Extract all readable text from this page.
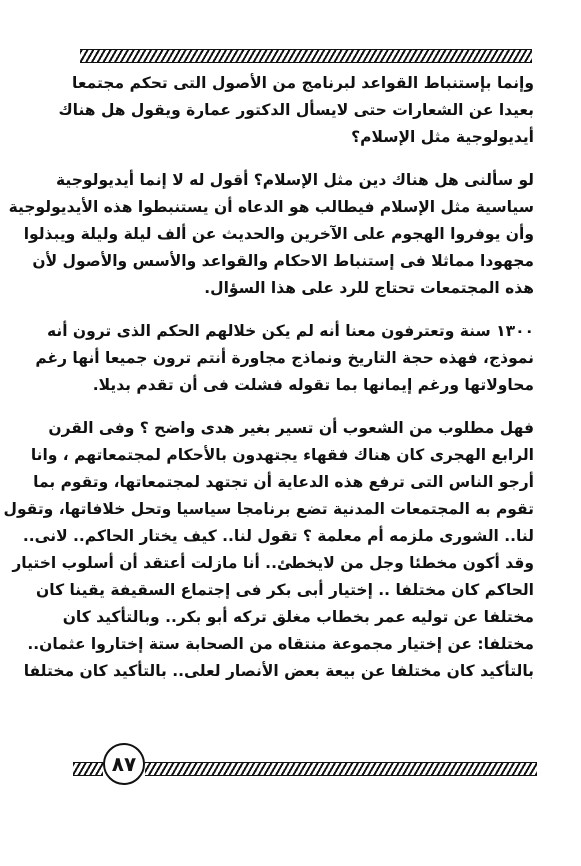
وإنما بإستنباط القواعد لبرنامج من الأصول التى تحكم مجتمعا
بعيدا عن الشعارات حتى لايسأل الدكتور عمارة ويقول هل هناك
أيديولوجية مثل الإسلام؟
لو سألنى هل هناك دين مثل الإسلام؟ أقول له لا إنما أيديولوجية
سياسية مثل الإسلام فيطالب هو الدعاه أن يستنبطوا هذه الأيديولوجية
وأن يوفروا الهجوم على الآخرين والحديث عن ألف ليلة وليلة ويبذلوا
مجهودا مماثلا فى إستنباط الاحكام والقواعد والأسس والأصول لأن
هذه المجتمعات تحتاج للرد على هذا السؤال.
١٣٠٠ سنة وتعترفون معنا أنه لم يكن خلالهم الحكم الذى ترون أنه
نموذج، فهذه حجة التاريخ ونماذج مجاورة أنتم ترون جميعا أنها رغم
محاولاتها ورغم إيمانها بما تقوله فشلت فى أن تقدم بديلا.
فهل مطلوب من الشعوب أن تسير بغير هدى واضح ؟ وفى القرن
الرابع الهجرى كان هناك فقهاء يجتهدون بالأحكام لمجتمعاتهم ، وانا
أرجو الناس التى ترفع هذه الدعاية أن تجتهد لمجتمعاتها، وتقوم بما
تقوم به المجتمعات المدنية تضع برنامجا سياسيا وتحل خلافاتها، وتقول
لنا.. الشورى ملزمه أم معلمة ؟ تقول لنا.. كيف يختار الحاكم.. لانى..
وقد أكون مخطئا وجل من لايخطئ.. أنا مازلت أعتقد أن أسلوب اختيار
الحاكم كان مختلفا .. إختيار أبى بكر فى إجتماع السقيفة يقينا كان
مختلفا عن توليه عمر بخطاب مغلق تركه أبو بكر.. وبالتأكيد كان
مختلفا: عن إختيار مجموعة منتقاه من الصحابة ستة إختاروا عثمان..
بالتأكيد كان مختلفا عن بيعة بعض الأنصار لعلى.. بالتأكيد كان مختلفا
٨٧
